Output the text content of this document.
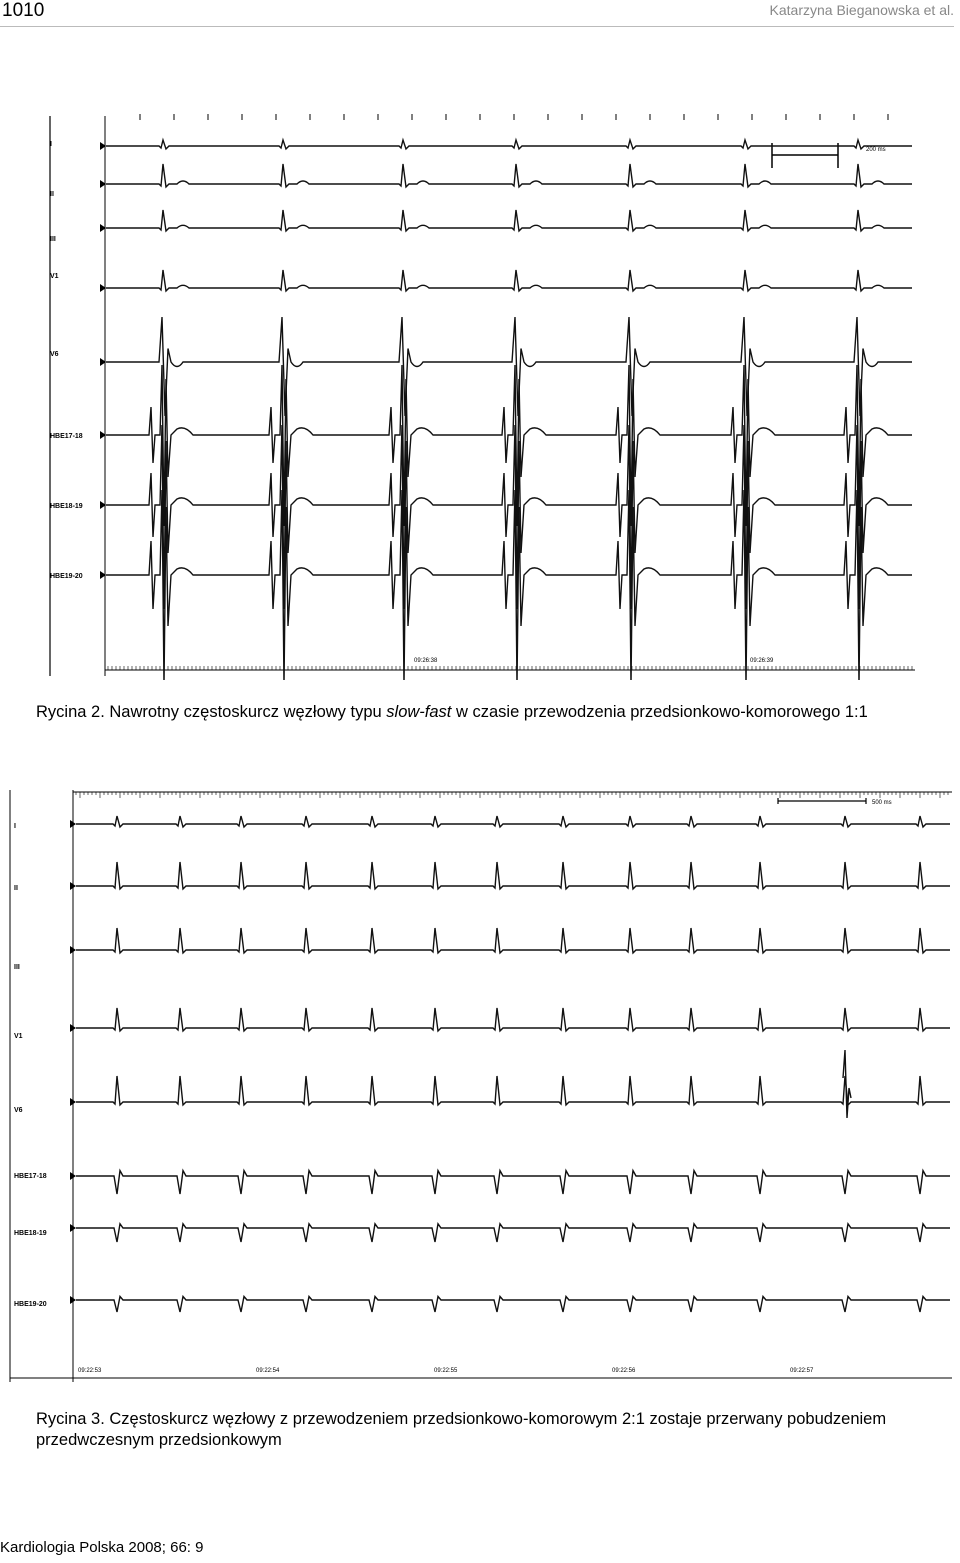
1010	Katarzyna Bieganowska et al.
200 ms
I
II
III
V1
V6
HBE17-18
HBE18-19
HBE19-20
09:26:38	09:26:39
Rycina 2. Nawrotny częstoskurcz węzłowy typu slow-fast w czasie przewodzenia przedsionkowo-komorowego 1:1
500 ms
I
II
III
V1
V6
HBE17-18
HBE18-19
HBE19-20
09:22:53	09:22:54	09:22:55	09:22:56	09:22:57
Rycina 3. Częstoskurcz węzłowy z przewodzeniem przedsionkowo-komorowym 2:1 zostaje przerwany pobudzeniem przedwczesnym przedsionkowym
Kardiologia Polska 2008; 66: 9
